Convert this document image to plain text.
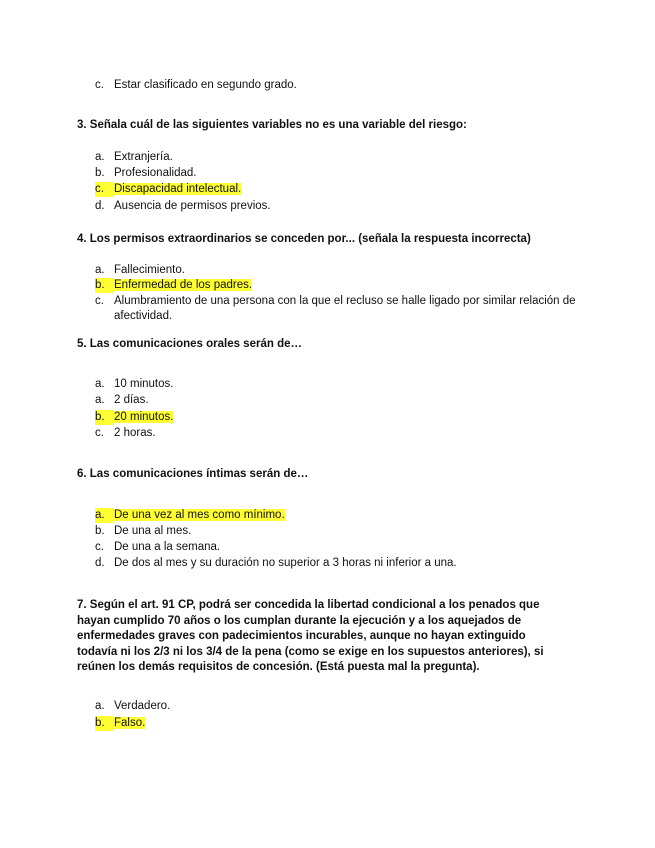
c. Estar clasificado en segundo grado.
3. Señala cuál de las siguientes variables no es una variable del riesgo:
a. Extranjería.
b. Profesionalidad.
c. Discapacidad intelectual.
d. Ausencia de permisos previos.
4. Los permisos extraordinarios se conceden por... (señala la respuesta incorrecta)
a. Fallecimiento.
b. Enfermedad de los padres.
c. Alumbramiento de una persona con la que el recluso se halle ligado por similar relación de afectividad.
5. Las comunicaciones orales serán de…
a. 10 minutos.
a. 2 días.
b. 20 minutos.
c. 2 horas.
6. Las comunicaciones íntimas serán de…
a. De una vez al mes como mínimo.
b. De una al mes.
c. De una a la semana.
d. De dos al mes y su duración no superior a 3 horas ni inferior a una.
7. Según el art. 91 CP, podrá ser concedida la libertad condicional a los penados que hayan cumplido 70 años o los cumplan durante la ejecución y a los aquejados de enfermedades graves con padecimientos incurables, aunque no hayan extinguido todavía ni los 2/3 ni los 3/4 de la pena (como se exige en los supuestos anteriores), si reúnen los demás requisitos de concesión. (Está puesta mal la pregunta).
a. Verdadero.
b. Falso.
